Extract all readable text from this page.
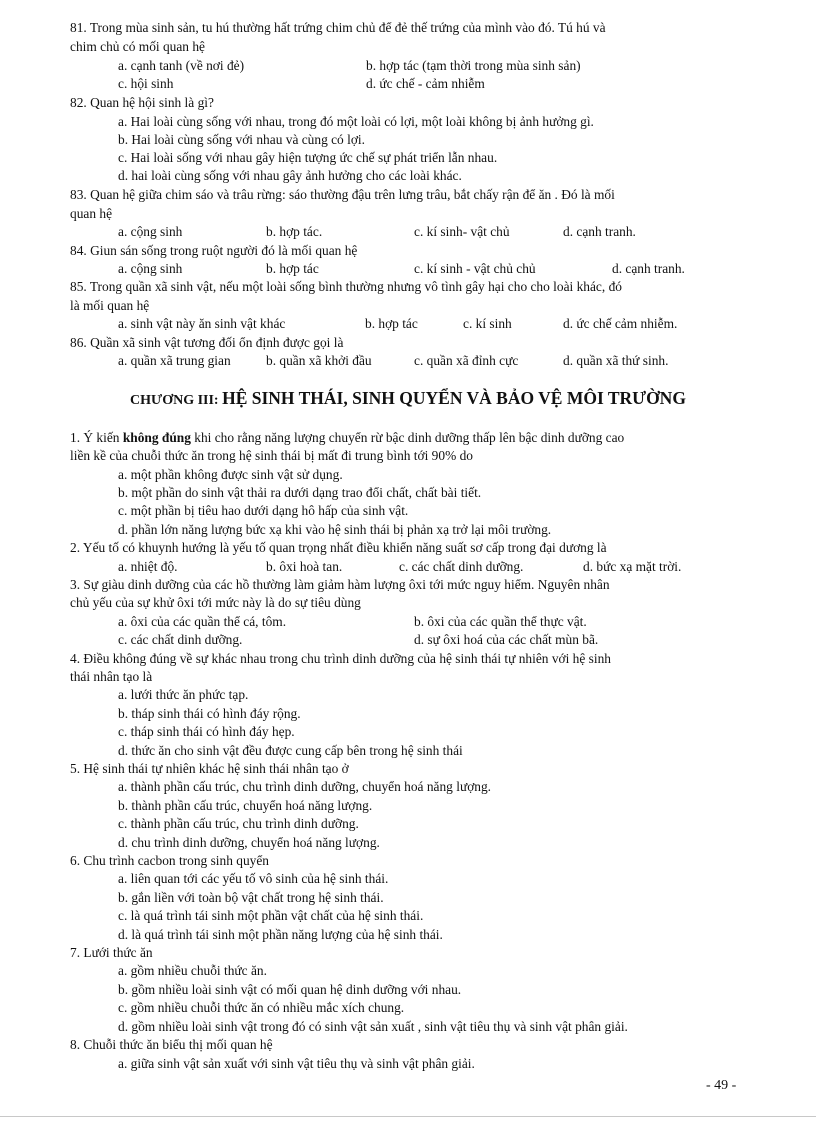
81. Trong mùa sinh sản, tu hú thường hất trứng chim chủ để đẻ thế trứng của mình vào đó. Tú hú và
chim chủ có mối quan hệ
a. cạnh tanh (về nơi đẻ)	b. hợp tác (tạm thời trong mùa sinh sản)
c. hội sinh	d. ức chế - cảm nhiễm
82. Quan hệ hội sinh là gì?
a. Hai loài cùng sống với nhau, trong đó một loài có lợi, một loài không bị ảnh hưởng gì.
b. Hai loài cùng sống với nhau và cùng có lợi.
c. Hai loài sống với nhau gây hiện tượng ức chế sự phát triển lẫn nhau.
d. hai loài cùng sống với nhau gây ảnh hưởng cho các loài khác.
83. Quan hệ giữa chim sáo và trâu rừng: sáo thường đậu trên lưng trâu, bắt chấy rận để ăn . Đó là mối
quan hệ
a. cộng sinh	b. hợp tác.	c. kí sinh- vật chủ	d. cạnh tranh.
84. Giun sán sống trong ruột người đó là mối quan hệ
a. cộng sinh	b. hợp tác	c. kí sinh - vật chủ chủ	d. cạnh tranh.
85. Trong quần xã sinh vật, nếu một loài sống bình thường nhưng vô tình gây hại cho cho loài khác, đó
là mối quan hệ
a. sinh vật này ăn sinh vật khác	b. hợp tác	c. kí sinh	d. ức chế cảm nhiễm.
86. Quần xã sinh vật tương đối ổn định được gọi là
a. quần xã trung gian	b. quần xã khởi đầu	c. quần xã đỉnh cực	d. quần xã thứ sinh.
CHƯƠNG III: HỆ SINH THÁI, SINH QUYỂN VÀ BẢO VỆ MÔI TRƯỜNG
1. Ý kiến không đúng khi cho rằng năng lượng chuyển rừ bậc dinh dưỡng thấp lên bậc dinh dưỡng cao
liền kề của chuỗi thức ăn trong hệ sinh thái bị mất đi trung bình tới 90% do
a. một phần không được sinh vật sử dụng.
b. một phần do sinh vật thải ra dưới dạng trao đổi chất, chất bài tiết.
c. một phần bị tiêu hao dưới dạng hô hấp của sinh vật.
d. phần lớn năng lượng bức xạ khi vào hệ sinh thái bị phản xạ trở lại môi trường.
2. Yếu tố có khuynh hướng là yếu tố quan trọng nhất điều khiển năng suất sơ cấp trong đại dương là
a. nhiệt độ.	b. ôxi hoà tan.	c. các chất dinh dưỡng.	d. bức xạ mặt trời.
3. Sự giàu dinh dưỡng của các hồ thường làm giảm hàm lượng ôxi tới mức nguy hiểm. Nguyên nhân
chủ yếu của sự khử ôxi tới mức này là do sự tiêu dùng
a. ôxi của các quần thể cá, tôm.	b. ôxi của các quần thể thực vật.
c. các chất dinh dưỡng.	d. sự ôxi hoá của các chất mùn bã.
4. Điều không đúng về sự khác nhau trong chu trình dinh dưỡng của hệ sinh thái tự nhiên với hệ sinh
thái nhân tạo là
a. lưới thức ăn phức tạp.
b. tháp sinh thái có hình đáy rộng.
c. tháp sinh thái có hình đáy hẹp.
d. thức ăn cho sinh vật đều được cung cấp bên trong hệ sinh thái
5. Hệ sinh thái tự nhiên khác hệ sinh thái nhân tạo ở
a. thành phần cấu trúc, chu trình dinh dưỡng, chuyển hoá năng lượng.
b. thành phần cấu trúc, chuyển hoá năng lượng.
c. thành phần cấu trúc, chu trình dinh dưỡng.
d. chu trình dinh dưỡng, chuyển hoá năng lượng.
6. Chu trình cacbon trong sinh quyển
a. liên quan tới các yếu tố vô sinh của hệ sinh thái.
b. gắn liền với toàn bộ vật chất trong hệ sinh thái.
c. là quá trình tái sinh một phần vật chất của hệ sinh thái.
d. là quá trình tái sinh một phần năng lượng của hệ sinh thái.
7. Lưới thức ăn
a. gồm nhiều chuỗi thức ăn.
b. gồm nhiều loài sinh vật có mối quan hệ dinh dưỡng với nhau.
c. gồm nhiều chuỗi thức ăn có nhiều mắc xích chung.
d. gồm nhiều loài sinh vật trong đó có sinh vật sản xuất , sinh vật tiêu thụ và sinh vật phân giải.
8. Chuỗi thức ăn biểu thị mối quan hệ
a. giữa sinh vật sản xuất với sinh vật tiêu thụ và sinh vật phân giải.
- 49 -
